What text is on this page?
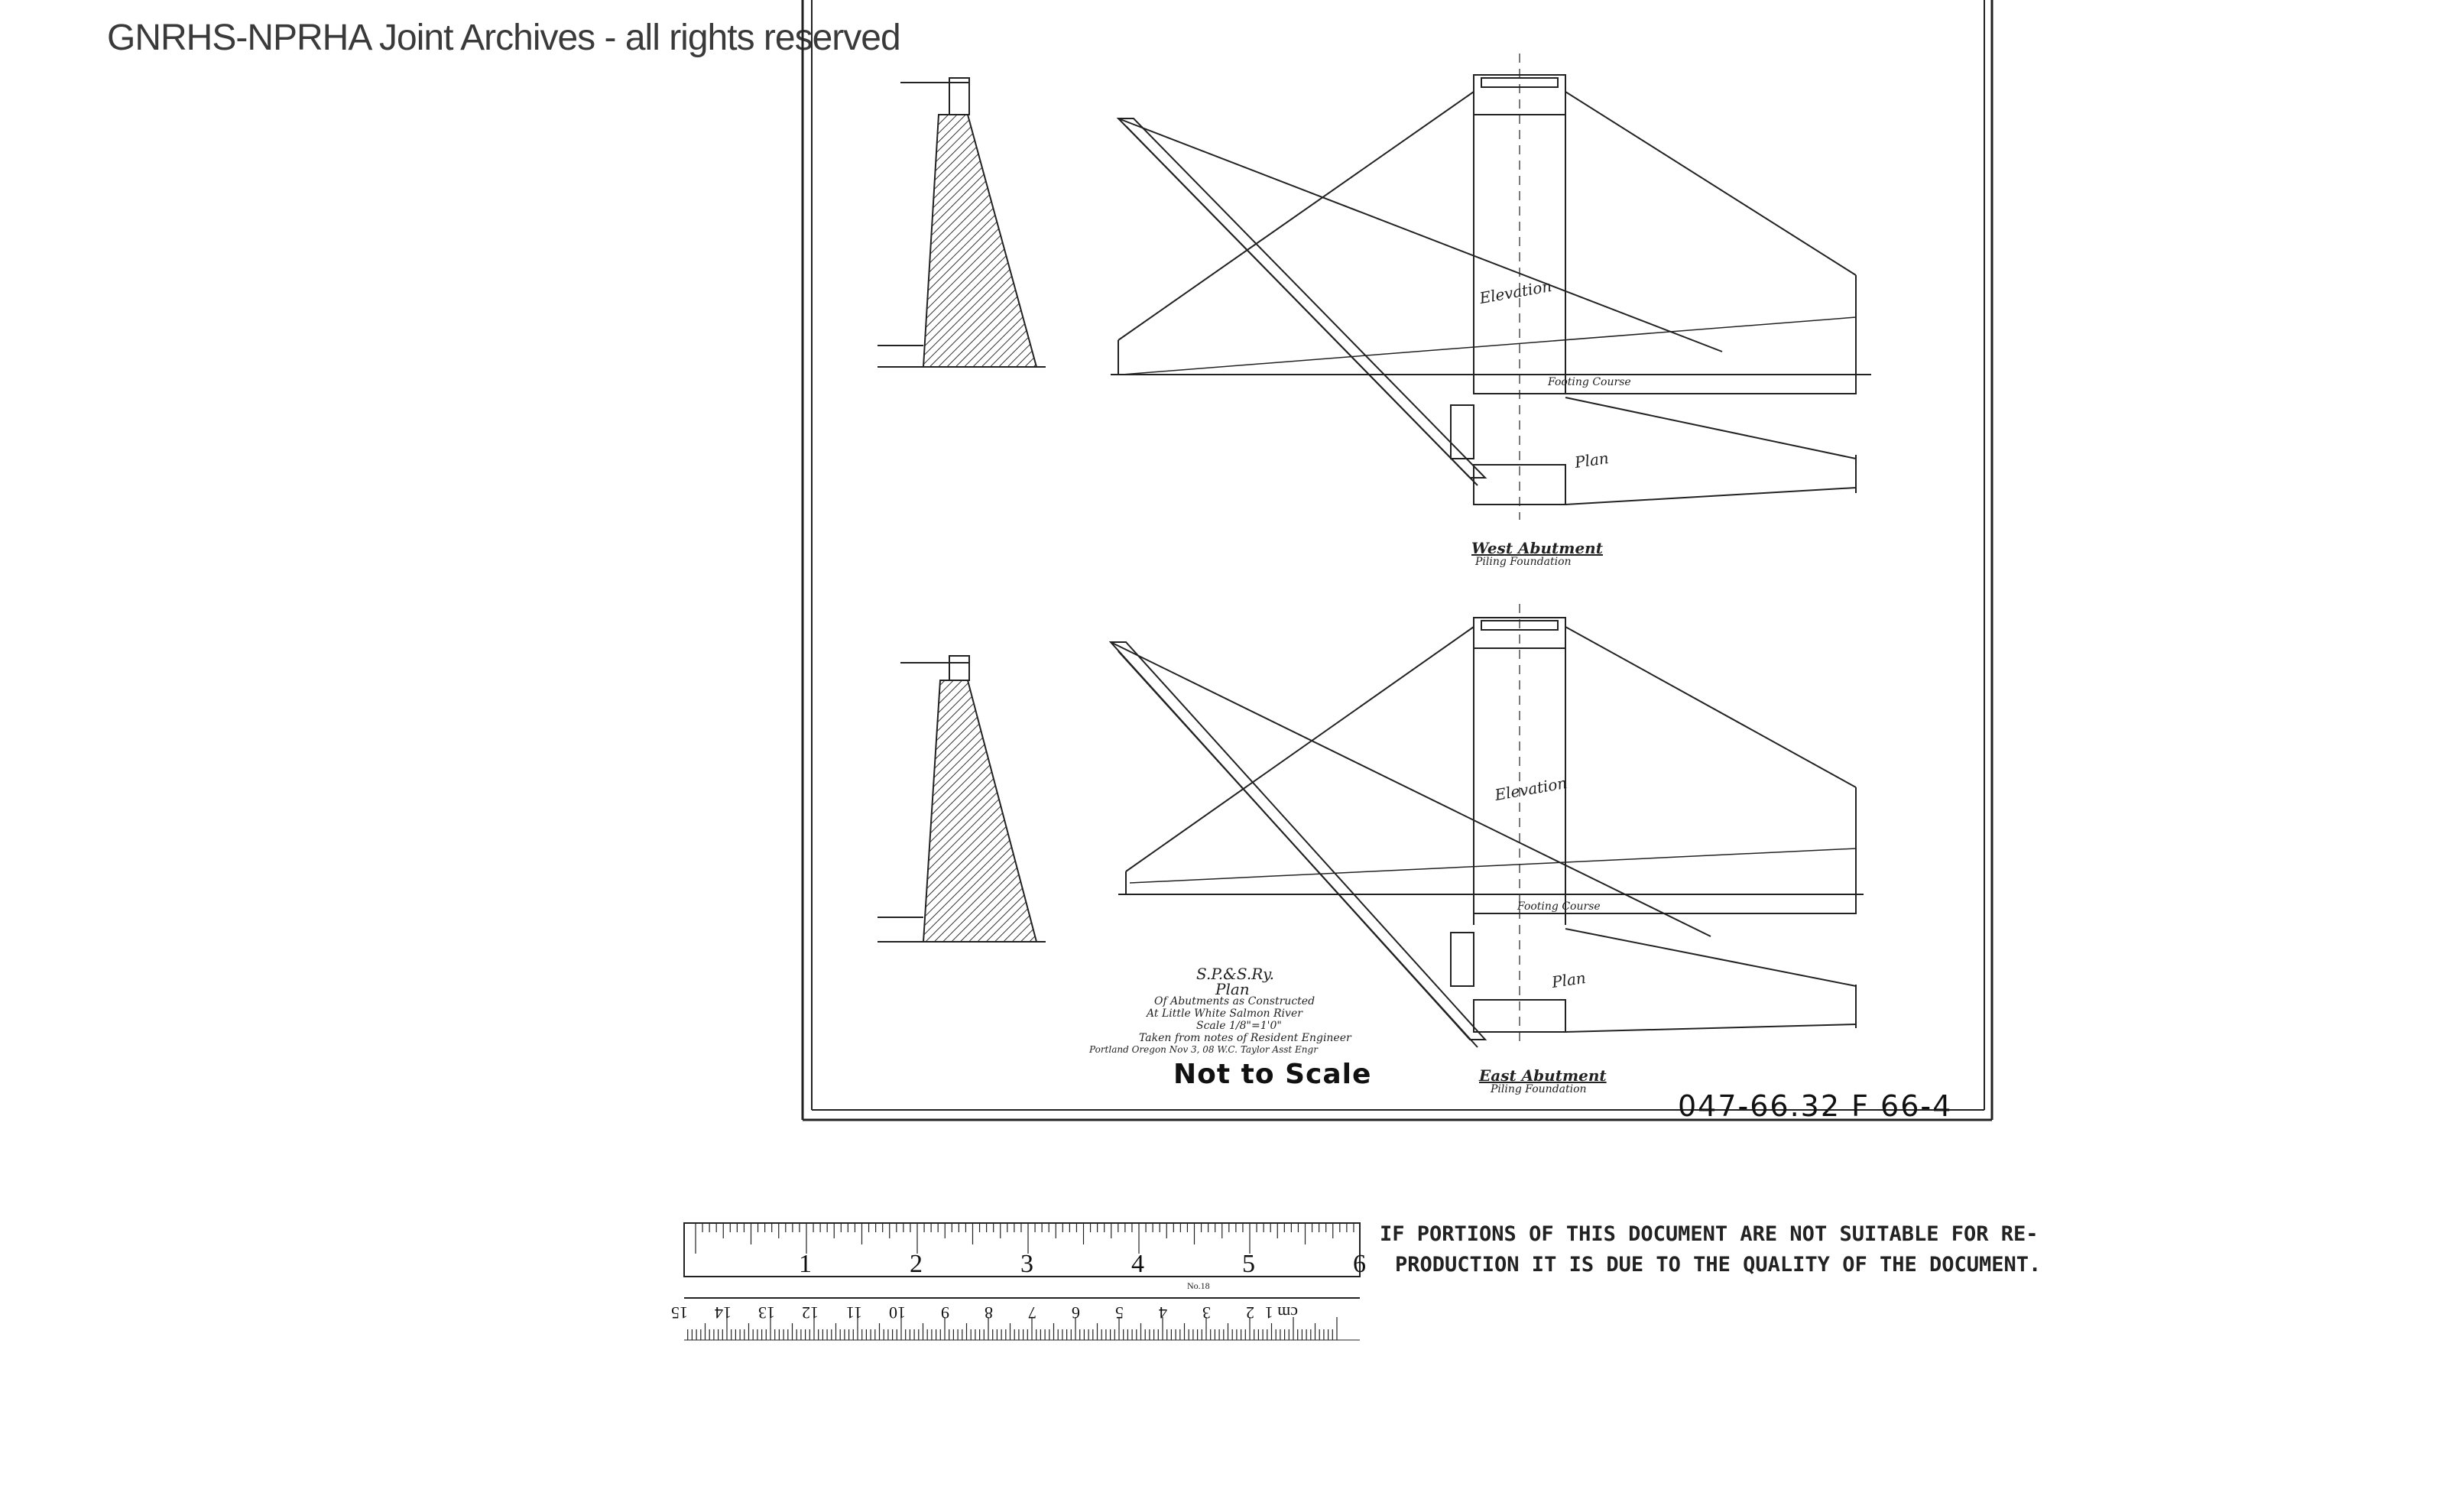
GNRHS-NPRHA Joint Archives - all rights reserved
Elevation
Footing Course
Plan
West Abutment
Piling Foundation
Elevation
Footing Course
Plan
East Abutment
Piling Foundation
S.P.&S.Ry.
Plan
Of Abutments as Constructed
At Little White Salmon River
Scale 1/8"=1'0"
Taken from notes of Resident Engineer
Portland Oregon Nov 3, 08 W.C. Taylor Asst Engr
Not to Scale
047-66.32 F 66-4
1	2	3	4	5	6
cm 1
2
3
4
5
6
7
8
9
10
11
12
13
14
15
No.18
IF PORTIONS OF THIS DOCUMENT ARE NOT SUITABLE FOR RE-
PRODUCTION IT IS DUE TO THE QUALITY OF THE DOCUMENT.
